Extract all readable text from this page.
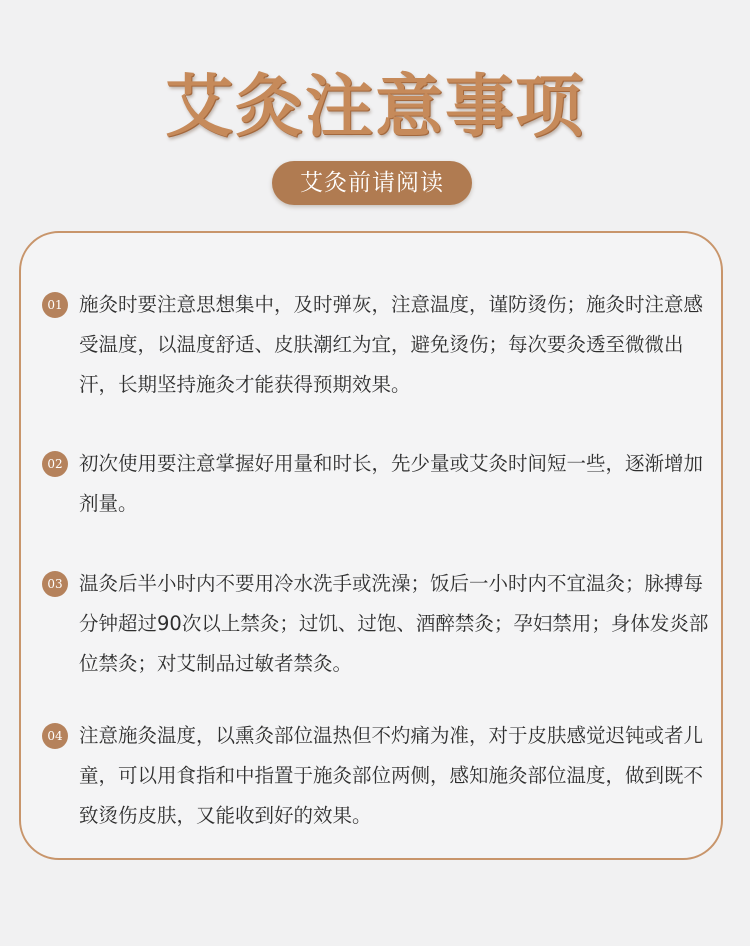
艾灸注意事项
艾灸前请阅读
01 施灸时要注意思想集中，及时弹灰，注意温度，谨防烫伤；施灸时注意感受温度，以温度舒适、皮肤潮红为宜，避免烫伤；每次要灸透至微微出汗，长期坚持施灸才能获得预期效果。

02 初次使用要注意掌握好用量和时长，先少量或艾灸时间短一些，逐渐增加剂量。

03 温灸后半小时内不要用冷水洗手或洗澡；饭后一小时内不宜温灸；脉搏每分钟超过90次以上禁灸；过饥、过饱、酒醉禁灸；孕妇禁用；身体发炎部位禁灸；对艾制品过敏者禁灸。

04 注意施灸温度，以熏灸部位温热但不灼痛为准，对于皮肤感觉迟钝或者儿童，可以用食指和中指置于施灸部位两侧，感知施灸部位温度，做到既不致烫伤皮肤，又能收到好的效果。
